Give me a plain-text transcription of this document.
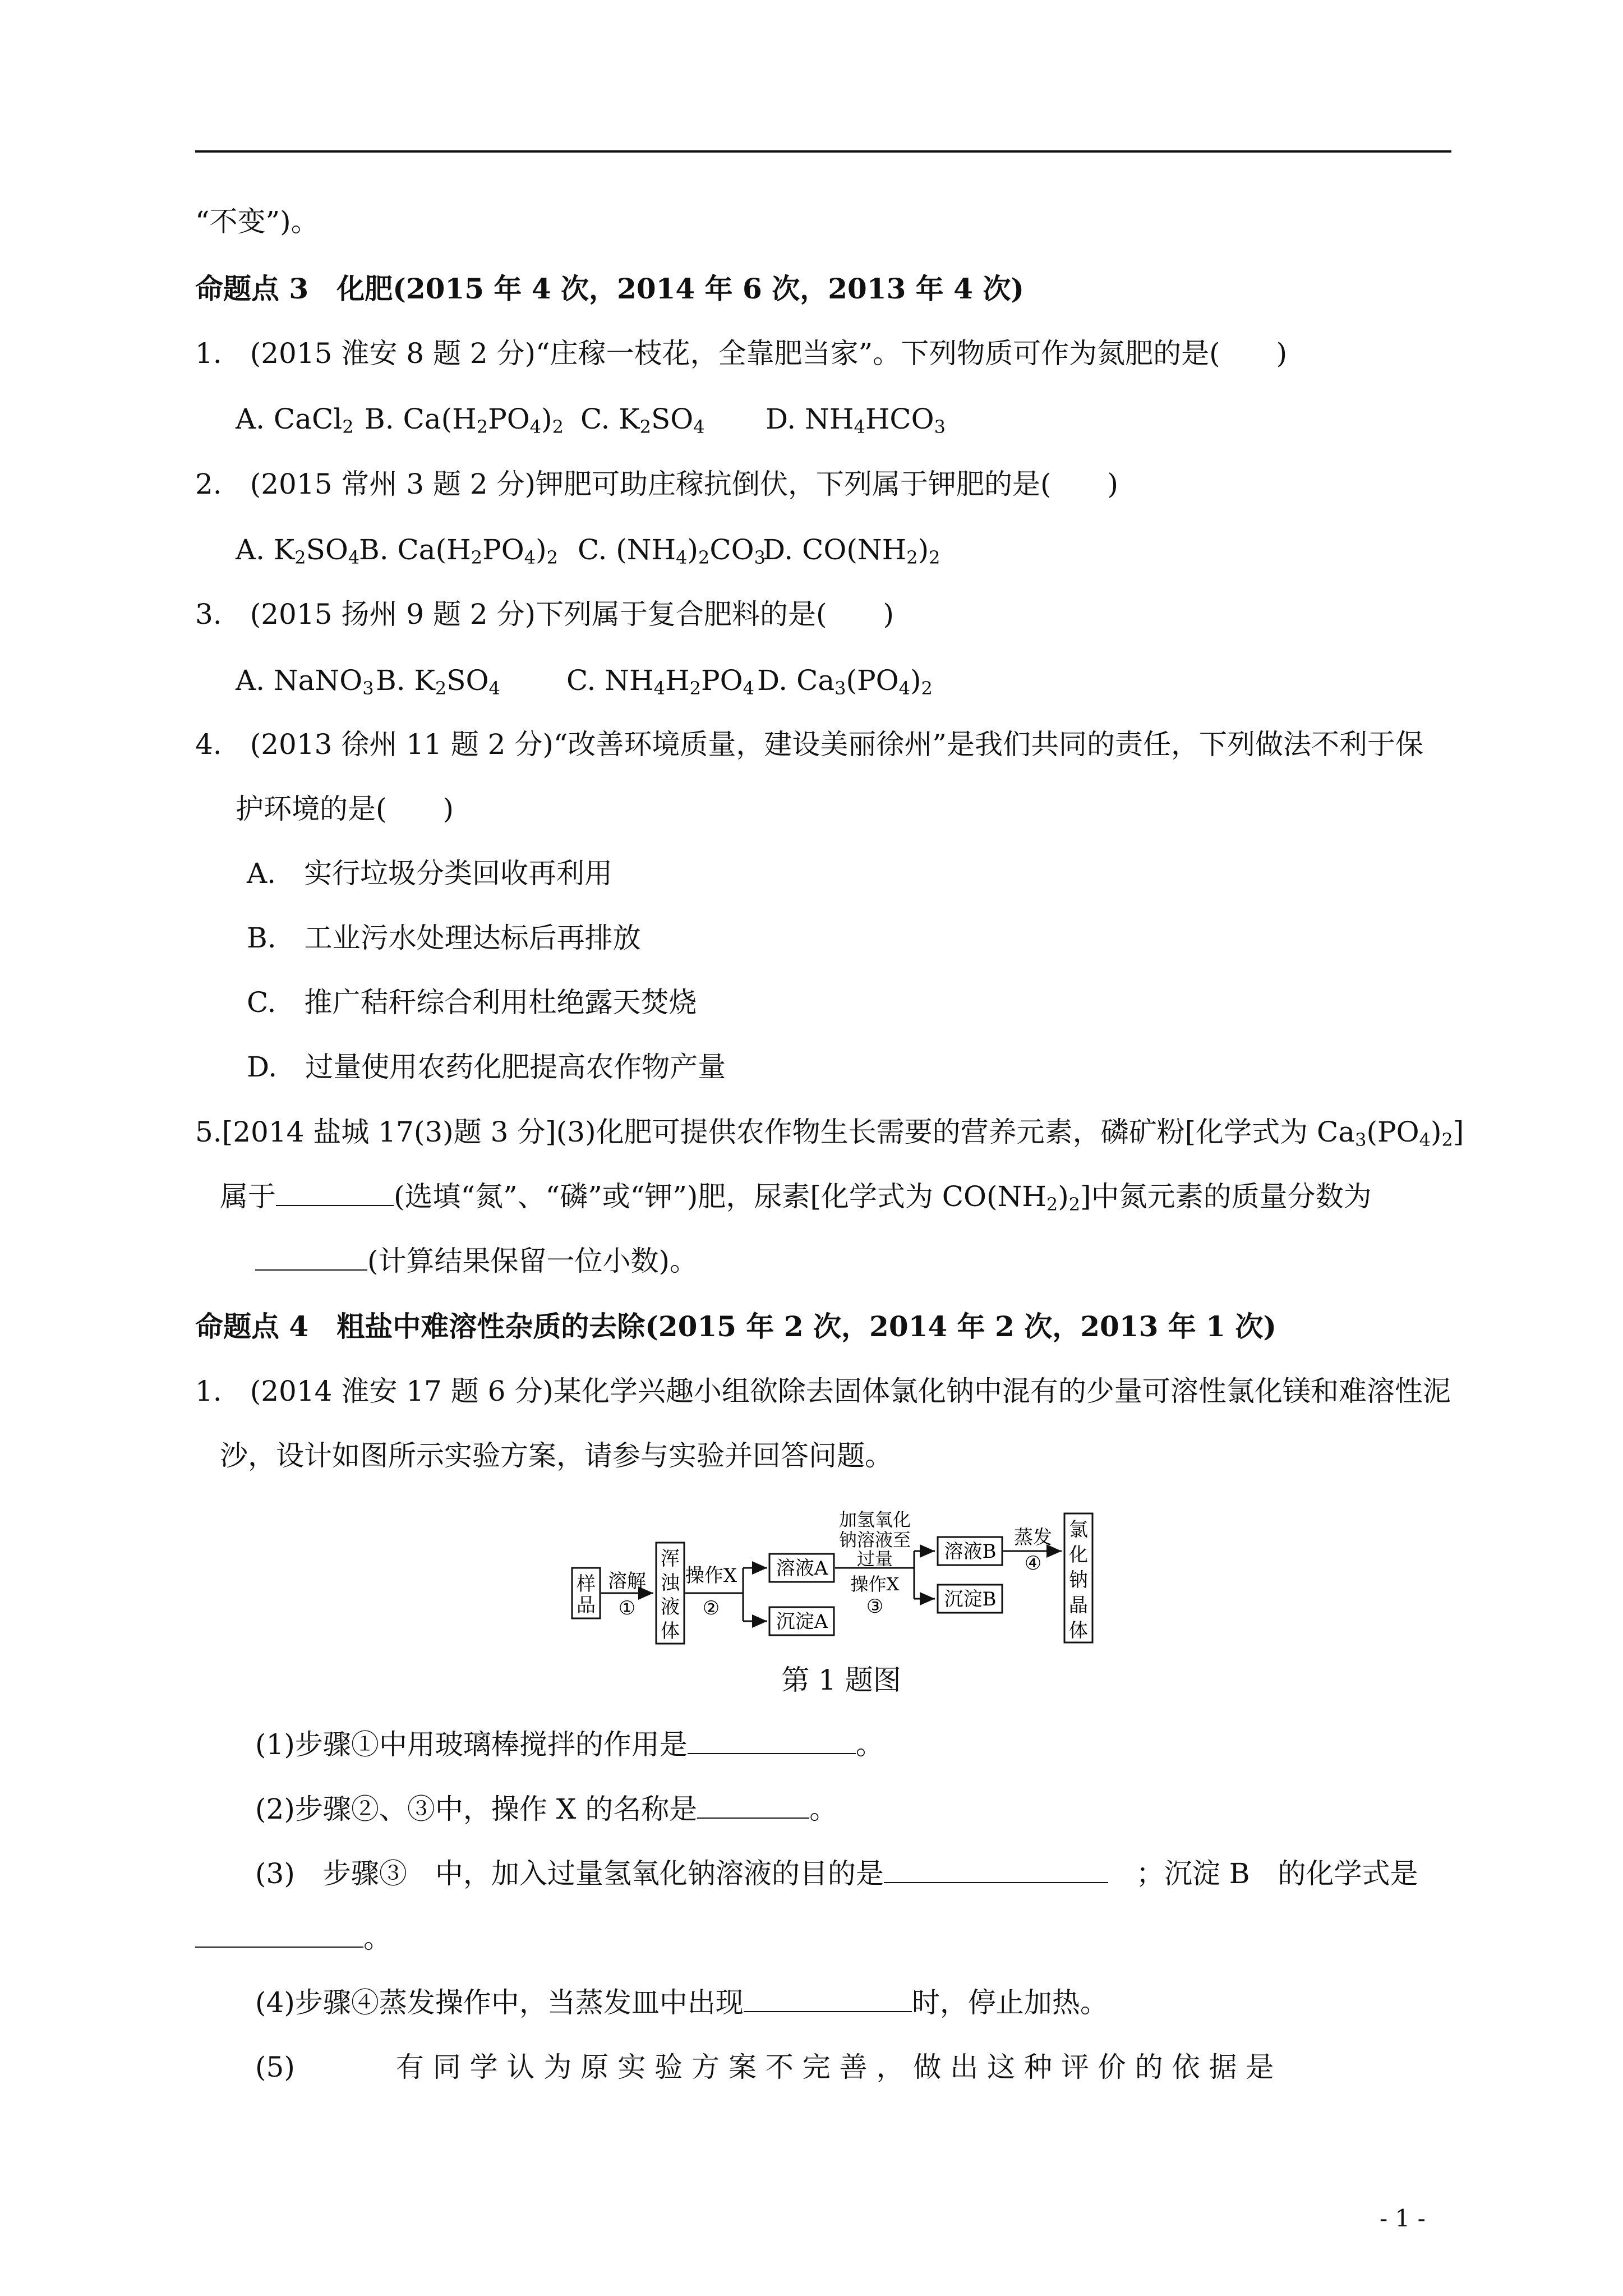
“不变”)。
命题点 3　化肥(2015 年 4 次，2014 年 6 次，2013 年 4 次)
1.　(2015 淮安 8 题 2 分)“庄稼一枝花，全靠肥当家”。下列物质可作为氮肥的是(　　)
A. CaCl$_2$ B. $Ca(H_2PO_4)_2$ C. $K_2SO_4$ D. $NH_4HCO_3$
2.　(2015 常州 3 题 2 分)钾肥可助庄稼抗倒伏，下列属于钾肥的是(　　)
A. $K_2SO_4B$. $Ca(H_2PO_4)_2$ C. $(NH_4)_2CO_3D$. $CO(NH_2)_2$
3.　(2015 扬州 9 题 2 分)下列属于复合肥料的是(　　)
A. NaNO$_3$B. $K_2SO_4$ C. $NH_4H_2PO_4$ D. $Ca_3(PO_4)_2$
4.　(2013 徐州 11 题 2 分)“改善环境质量，建设美丽徐州”是我们共同的责任，下列做法不利于保
护环境的是(　　)
A.　实行垃圾分类回收再利用
B.　工业污水处理达标后再排放
C.　推广秸秆综合利用杜绝露天焚烧
D.　过量使用农药化肥提高农作物产量
5.[2014 盐城 17(3)题 3 分](3)化肥可提供农作物生长需要的营养元素，磷矿粉[化学式为 $Ca_3(PO_4)_2$]
属于	(选填“氮”、“磷”或“钾”)肥，尿素[化学式为 $CO(NH_2)_2$]中氮元素的质量分数为
(计算结果保留一位小数)。
命题点 4　粗盐中难溶性杂质的去除(2015 年 2 次，2014 年 2 次，2013 年 1 次)
1.　(2014 淮安 17 题 6 分)某化学兴趣小组欲除去固体氯化钠中混有的少量可溶性氯化镁和难溶性泥
沙，设计如图所示实验方案，请参与实验并回答问题。
样
品
溶解
①
浑
浊
液
体
操作X
②
溶液A
沉淀A
加氢氧化
钠溶液至
过量
操作X
③
溶液B
沉淀B
蒸发
④
氯
化
钠
晶
体
第 1 题图
(1)步骤①中用玻璃棒搅拌的作用是	。
(2)步骤②、③中，操作 X 的名称是	。
(3)　步骤③　中，加入过量氢氧化钠溶液的目的是　	；沉淀 B　的化学式是
。
(4)步骤④蒸发操作中，当蒸发皿中出现	时，停止加热。
(5)	有 同 学 认 为 原 实 验 方 案 不 完 善 ， 做 出 这 种 评 价 的 依 据 是
- 1 -
